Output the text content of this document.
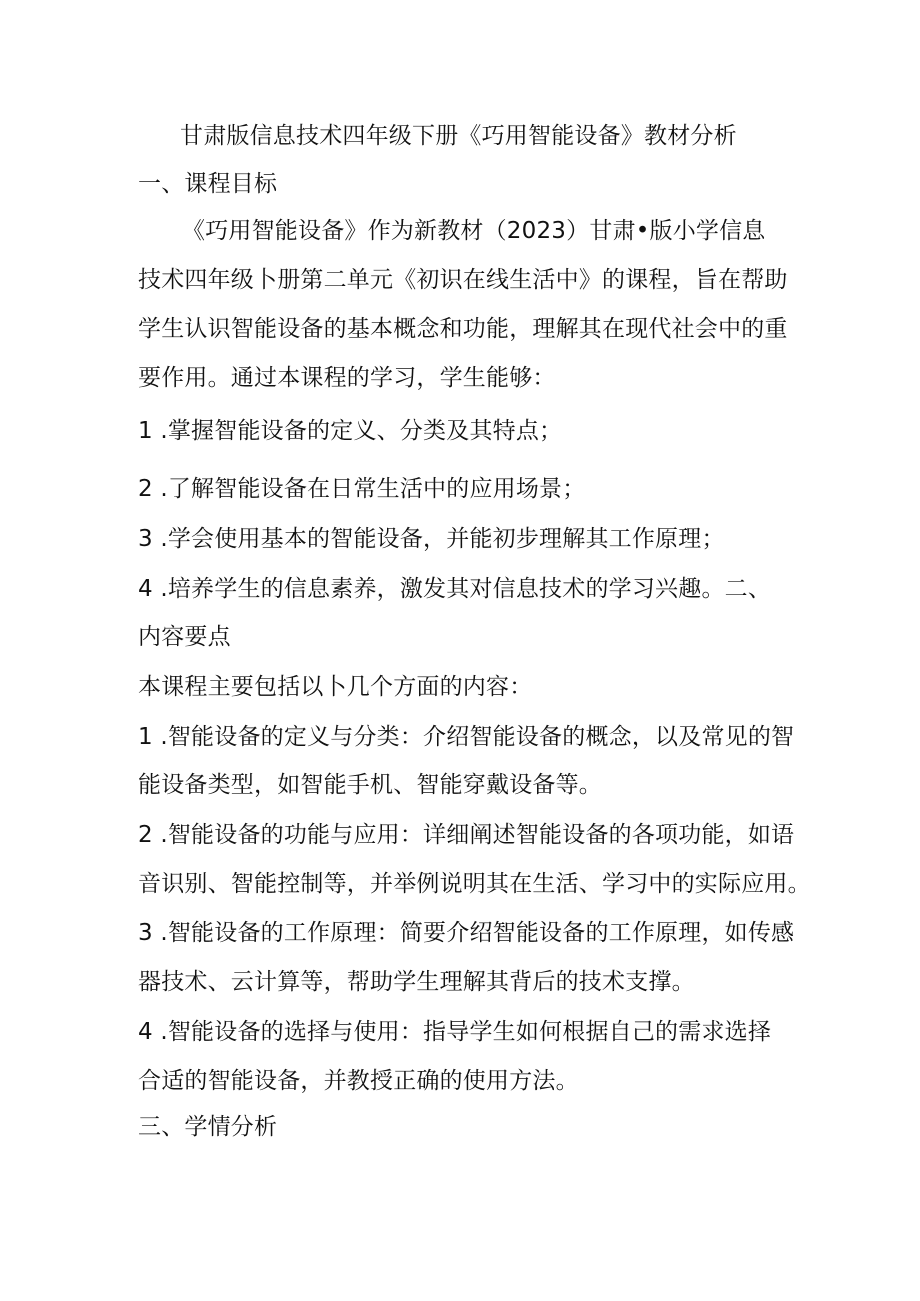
甘肃版信息技术四年级下册《巧用智能设备》教材分析
一、课程目标
《巧用智能设备》作为新教材（2023）甘肃•版小学信息
技术四年级卜册第二单元《初识在线生活中》的课程，旨在帮助
学生认识智能设备的基本概念和功能，理解其在现代社会中的重
要作用。通过本课程的学习，学生能够：
1 .掌握智能设备的定义、分类及其特点；
2 .了解智能设备在日常生活中的应用场景；
3 .学会使用基本的智能设备，并能初步理解其工作原理；
4 .培养学生的信息素养，激发其对信息技术的学习兴趣。二、
内容要点
本课程主要包括以卜几个方面的内容：
1 .智能设备的定义与分类：介绍智能设备的概念，以及常见的智
能设备类型，如智能手机、智能穿戴设备等。
2 .智能设备的功能与应用：详细阐述智能设备的各项功能，如语
音识别、智能控制等，并举例说明其在生活、学习中的实际应用。
3 .智能设备的工作原理：简要介绍智能设备的工作原理，如传感
器技术、云计算等，帮助学生理解其背后的技术支撑。
4 .智能设备的选择与使用：指导学生如何根据自己的需求选择
合适的智能设备，并教授正确的使用方法。
三、学情分析
